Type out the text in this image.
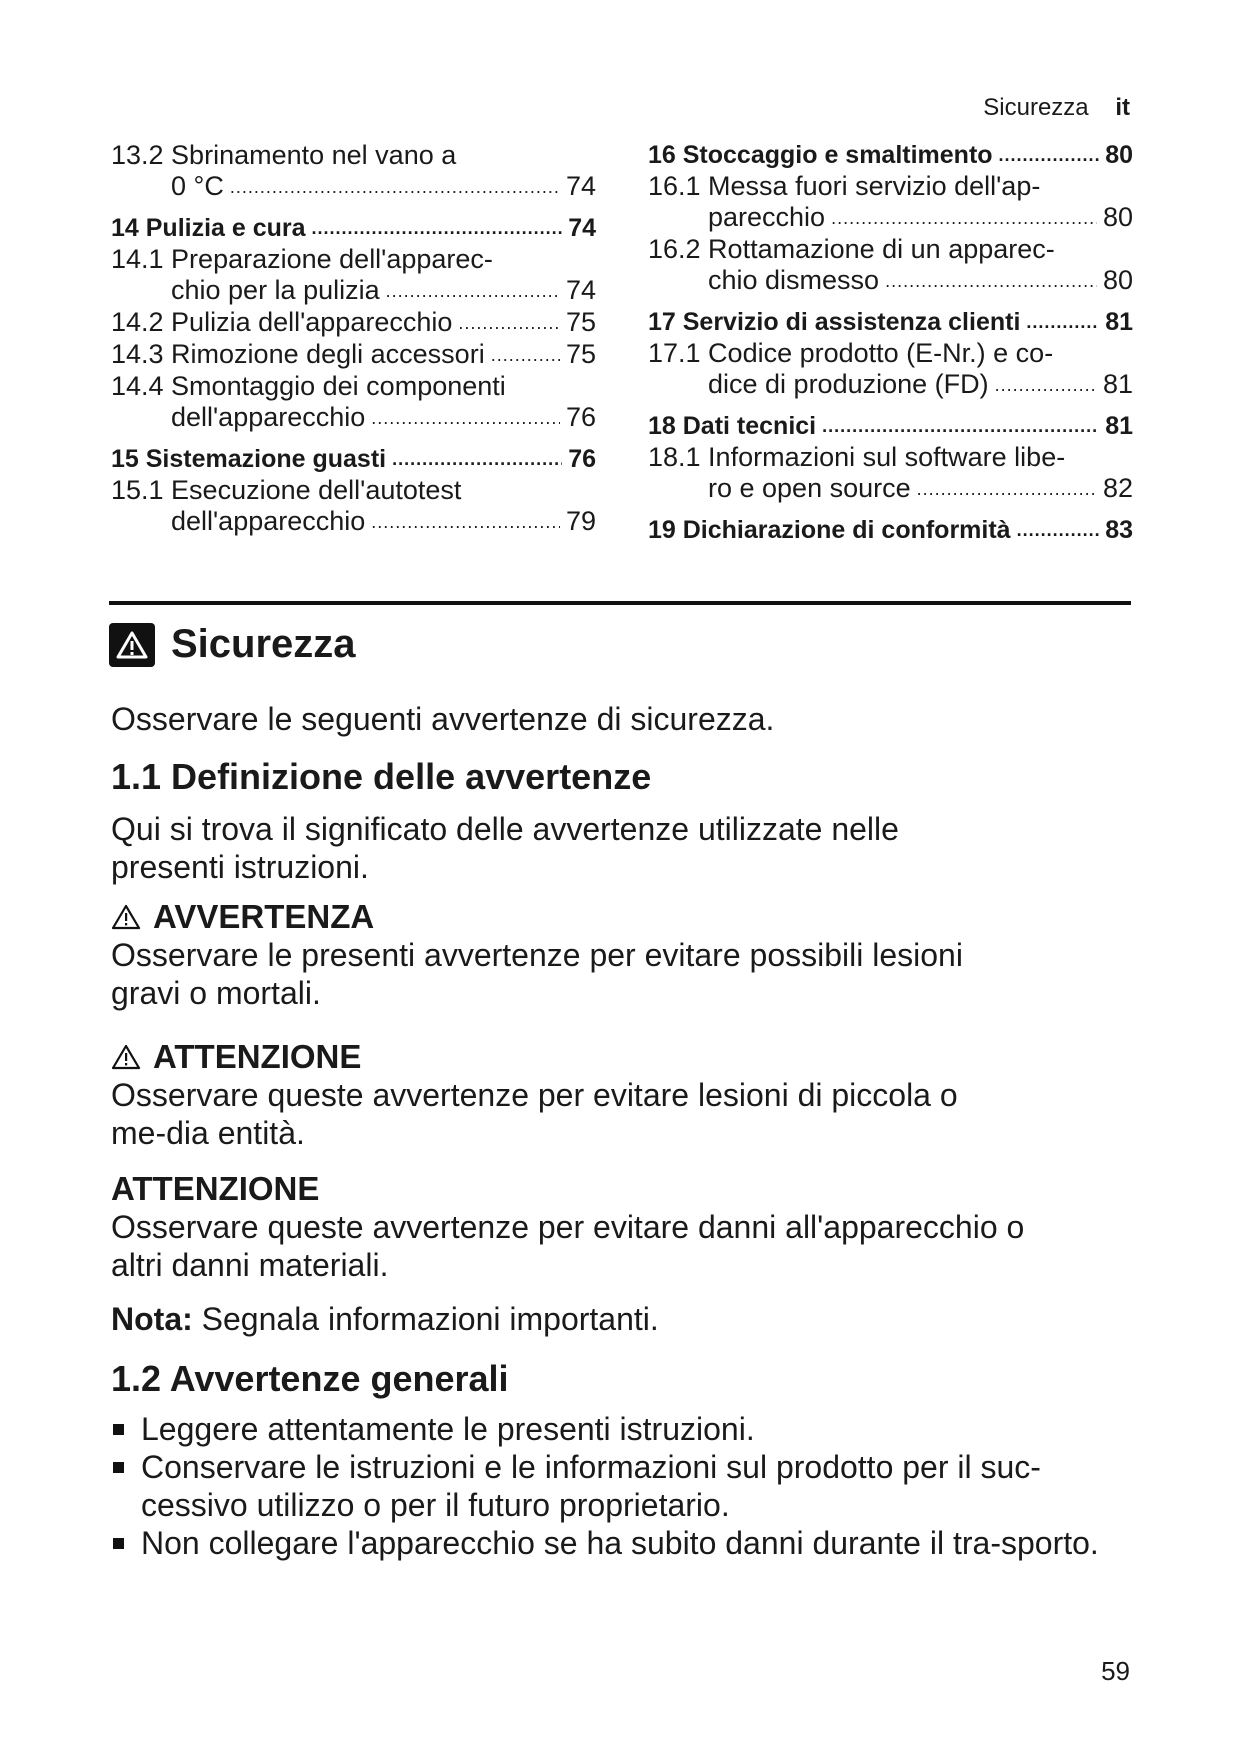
Sicurezza it
13.2 Sbrinamento nel vano a
0 °C .....	74
14 Pulizia e cura .....	74
14.1 Preparazione dell'apparec-
chio per la pulizia .....	74
14.2 Pulizia dell'apparecchio .....	75
14.3 Rimozione degli accessori .....	75
14.4 Smontaggio dei componenti
dell'apparecchio .....	76
15 Sistemazione guasti .....	76
15.1 Esecuzione dell'autotest
dell'apparecchio .....	79
16 Stoccaggio e smaltimento .....	80
16.1 Messa fuori servizio dell'ap-
parecchio .....	80
16.2 Rottamazione di un apparec-
chio dismesso .....	80
17 Servizio di assistenza clienti .....	81
17.1 Codice prodotto (E-Nr.) e co-
dice di produzione (FD) .....	81
18 Dati tecnici .....	81
18.1 Informazioni sul software libe-
ro e open source .....	82
19 Dichiarazione di conformità .....	83
Sicurezza

Osservare le seguenti avvertenze di sicurezza.

1.1 Definizione delle avvertenze

Qui si trova il significato delle avvertenze utilizzate nelle presenti istruzioni.

AVVERTENZA

Osservare le presenti avvertenze per evitare possibili lesioni gravi o mortali.

ATTENZIONE

Osservare queste avvertenze per evitare lesioni di piccola o me-dia entità.

ATTENZIONE

Osservare queste avvertenze per evitare danni all'apparecchio o altri danni materiali.

Nota: Segnala informazioni importanti.

1.2 Avvertenze generali

Leggere attentamente le presenti istruzioni.
Conservare le istruzioni e le informazioni sul prodotto per il suc-cessivo utilizzo o per il futuro proprietario.
Non collegare l'apparecchio se ha subito danni durante il tra-sporto.
59
